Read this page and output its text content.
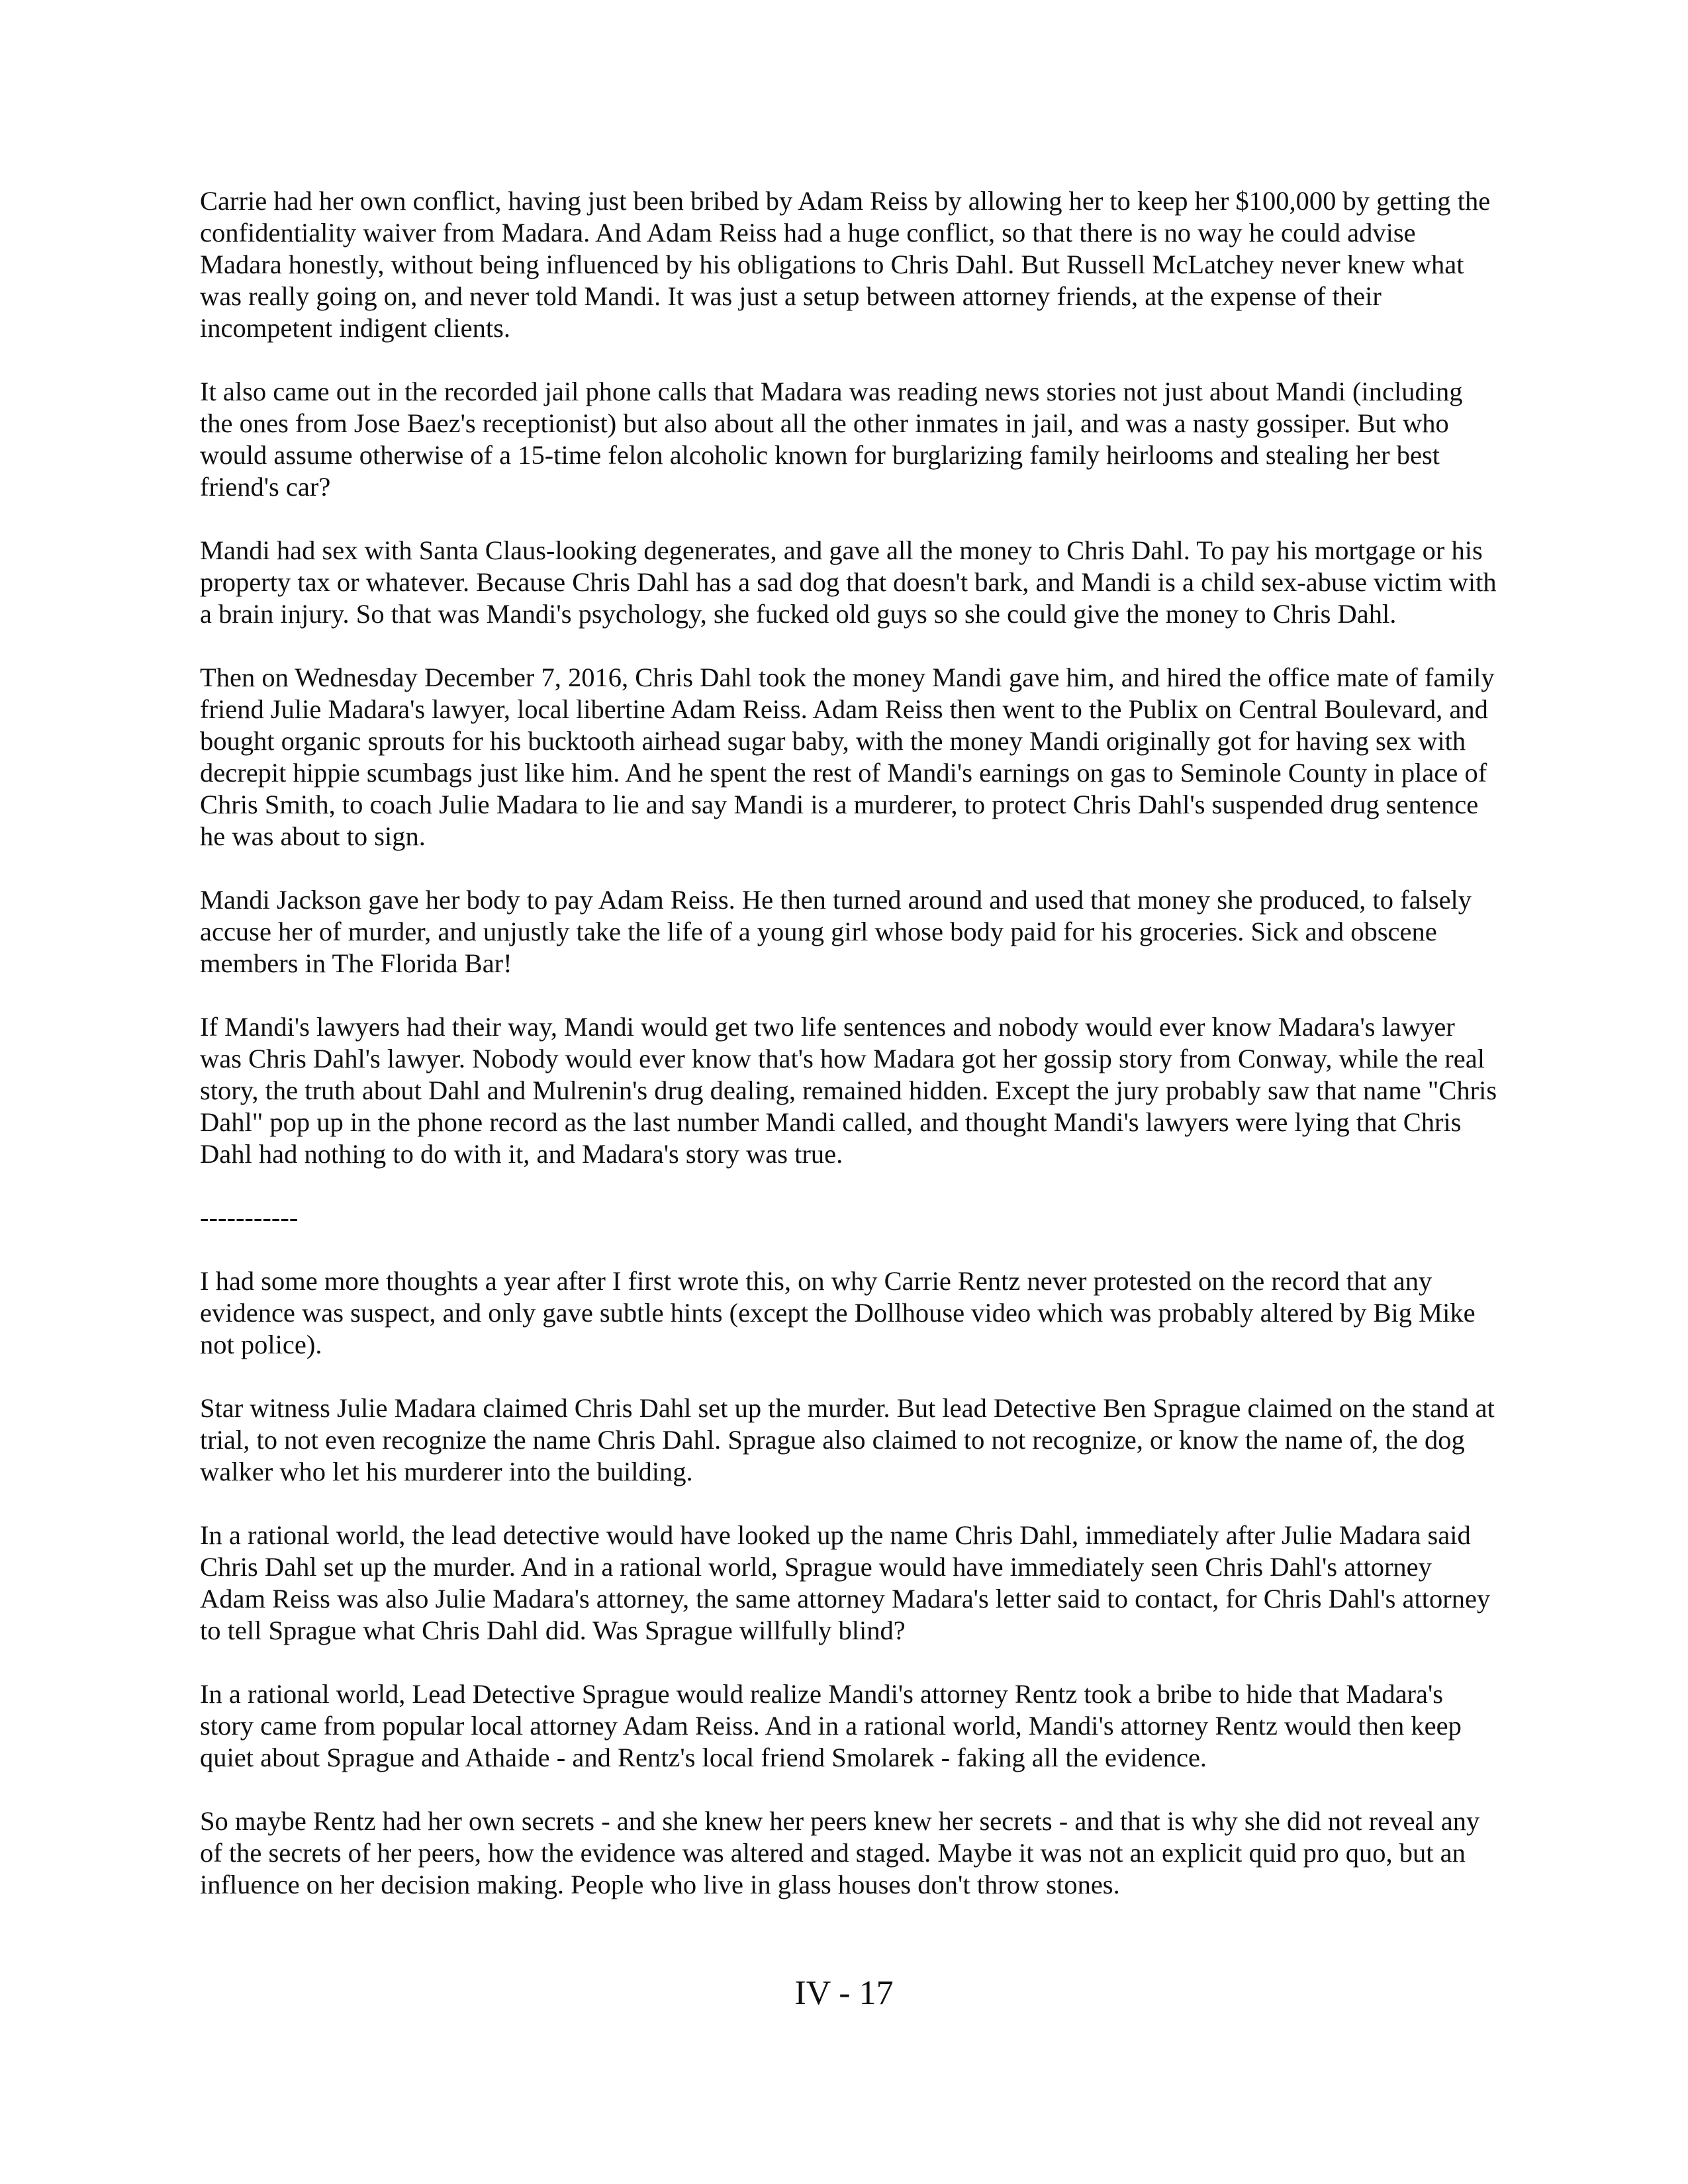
Carrie had her own conflict, having just been bribed by Adam Reiss by allowing her to keep her $100,000 by getting the confidentiality waiver from Madara. And Adam Reiss had a huge conflict, so that there is no way he could advise Madara honestly, without being influenced by his obligations to Chris Dahl. But Russell McLatchey never knew what was really going on, and never told Mandi. It was just a setup between attorney friends, at the expense of their incompetent indigent clients.

It also came out in the recorded jail phone calls that Madara was reading news stories not just about Mandi (including the ones from Jose Baez's receptionist) but also about all the other inmates in jail, and was a nasty gossiper. But who would assume otherwise of a 15-time felon alcoholic known for burglarizing family heirlooms and stealing her best friend's car?

Mandi had sex with Santa Claus-looking degenerates, and gave all the money to Chris Dahl. To pay his mortgage or his property tax or whatever. Because Chris Dahl has a sad dog that doesn't bark, and Mandi is a child sex-abuse victim with a brain injury. So that was Mandi's psychology, she fucked old guys so she could give the money to Chris Dahl.

Then on Wednesday December 7, 2016, Chris Dahl took the money Mandi gave him, and hired the office mate of family friend Julie Madara's lawyer, local libertine Adam Reiss. Adam Reiss then went to the Publix on Central Boulevard, and bought organic sprouts for his bucktooth airhead sugar baby, with the money Mandi originally got for having sex with decrepit hippie scumbags just like him. And he spent the rest of Mandi's earnings on gas to Seminole County in place of Chris Smith, to coach Julie Madara to lie and say Mandi is a murderer, to protect Chris Dahl's suspended drug sentence he was about to sign.

Mandi Jackson gave her body to pay Adam Reiss. He then turned around and used that money she produced, to falsely accuse her of murder, and unjustly take the life of a young girl whose body paid for his groceries. Sick and obscene members in The Florida Bar!

If Mandi's lawyers had their way, Mandi would get two life sentences and nobody would ever know Madara's lawyer was Chris Dahl's lawyer. Nobody would ever know that's how Madara got her gossip story from Conway, while the real story, the truth about Dahl and Mulrenin's drug dealing, remained hidden. Except the jury probably saw that name "Chris Dahl" pop up in the phone record as the last number Mandi called, and thought Mandi's lawyers were lying that Chris Dahl had nothing to do with it, and Madara's story was true.

-----------

I had some more thoughts a year after I first wrote this, on why Carrie Rentz never protested on the record that any evidence was suspect, and only gave subtle hints (except the Dollhouse video which was probably altered by Big Mike not police).

Star witness Julie Madara claimed Chris Dahl set up the murder. But lead Detective Ben Sprague claimed on the stand at trial, to not even recognize the name Chris Dahl. Sprague also claimed to not recognize, or know the name of, the dog walker who let his murderer into the building.

In a rational world, the lead detective would have looked up the name Chris Dahl, immediately after Julie Madara said Chris Dahl set up the murder. And in a rational world, Sprague would have immediately seen Chris Dahl's attorney Adam Reiss was also Julie Madara's attorney, the same attorney Madara's letter said to contact, for Chris Dahl's attorney to tell Sprague what Chris Dahl did. Was Sprague willfully blind?

In a rational world, Lead Detective Sprague would realize Mandi's attorney Rentz took a bribe to hide that Madara's story came from popular local attorney Adam Reiss. And in a rational world, Mandi's attorney Rentz would then keep quiet about Sprague and Athaide - and Rentz's local friend Smolarek - faking all the evidence.

So maybe Rentz had her own secrets - and she knew her peers knew her secrets - and that is why she did not reveal any of the secrets of her peers, how the evidence was altered and staged. Maybe it was not an explicit quid pro quo, but an influence on her decision making. People who live in glass houses don't throw stones.

IV - 17
